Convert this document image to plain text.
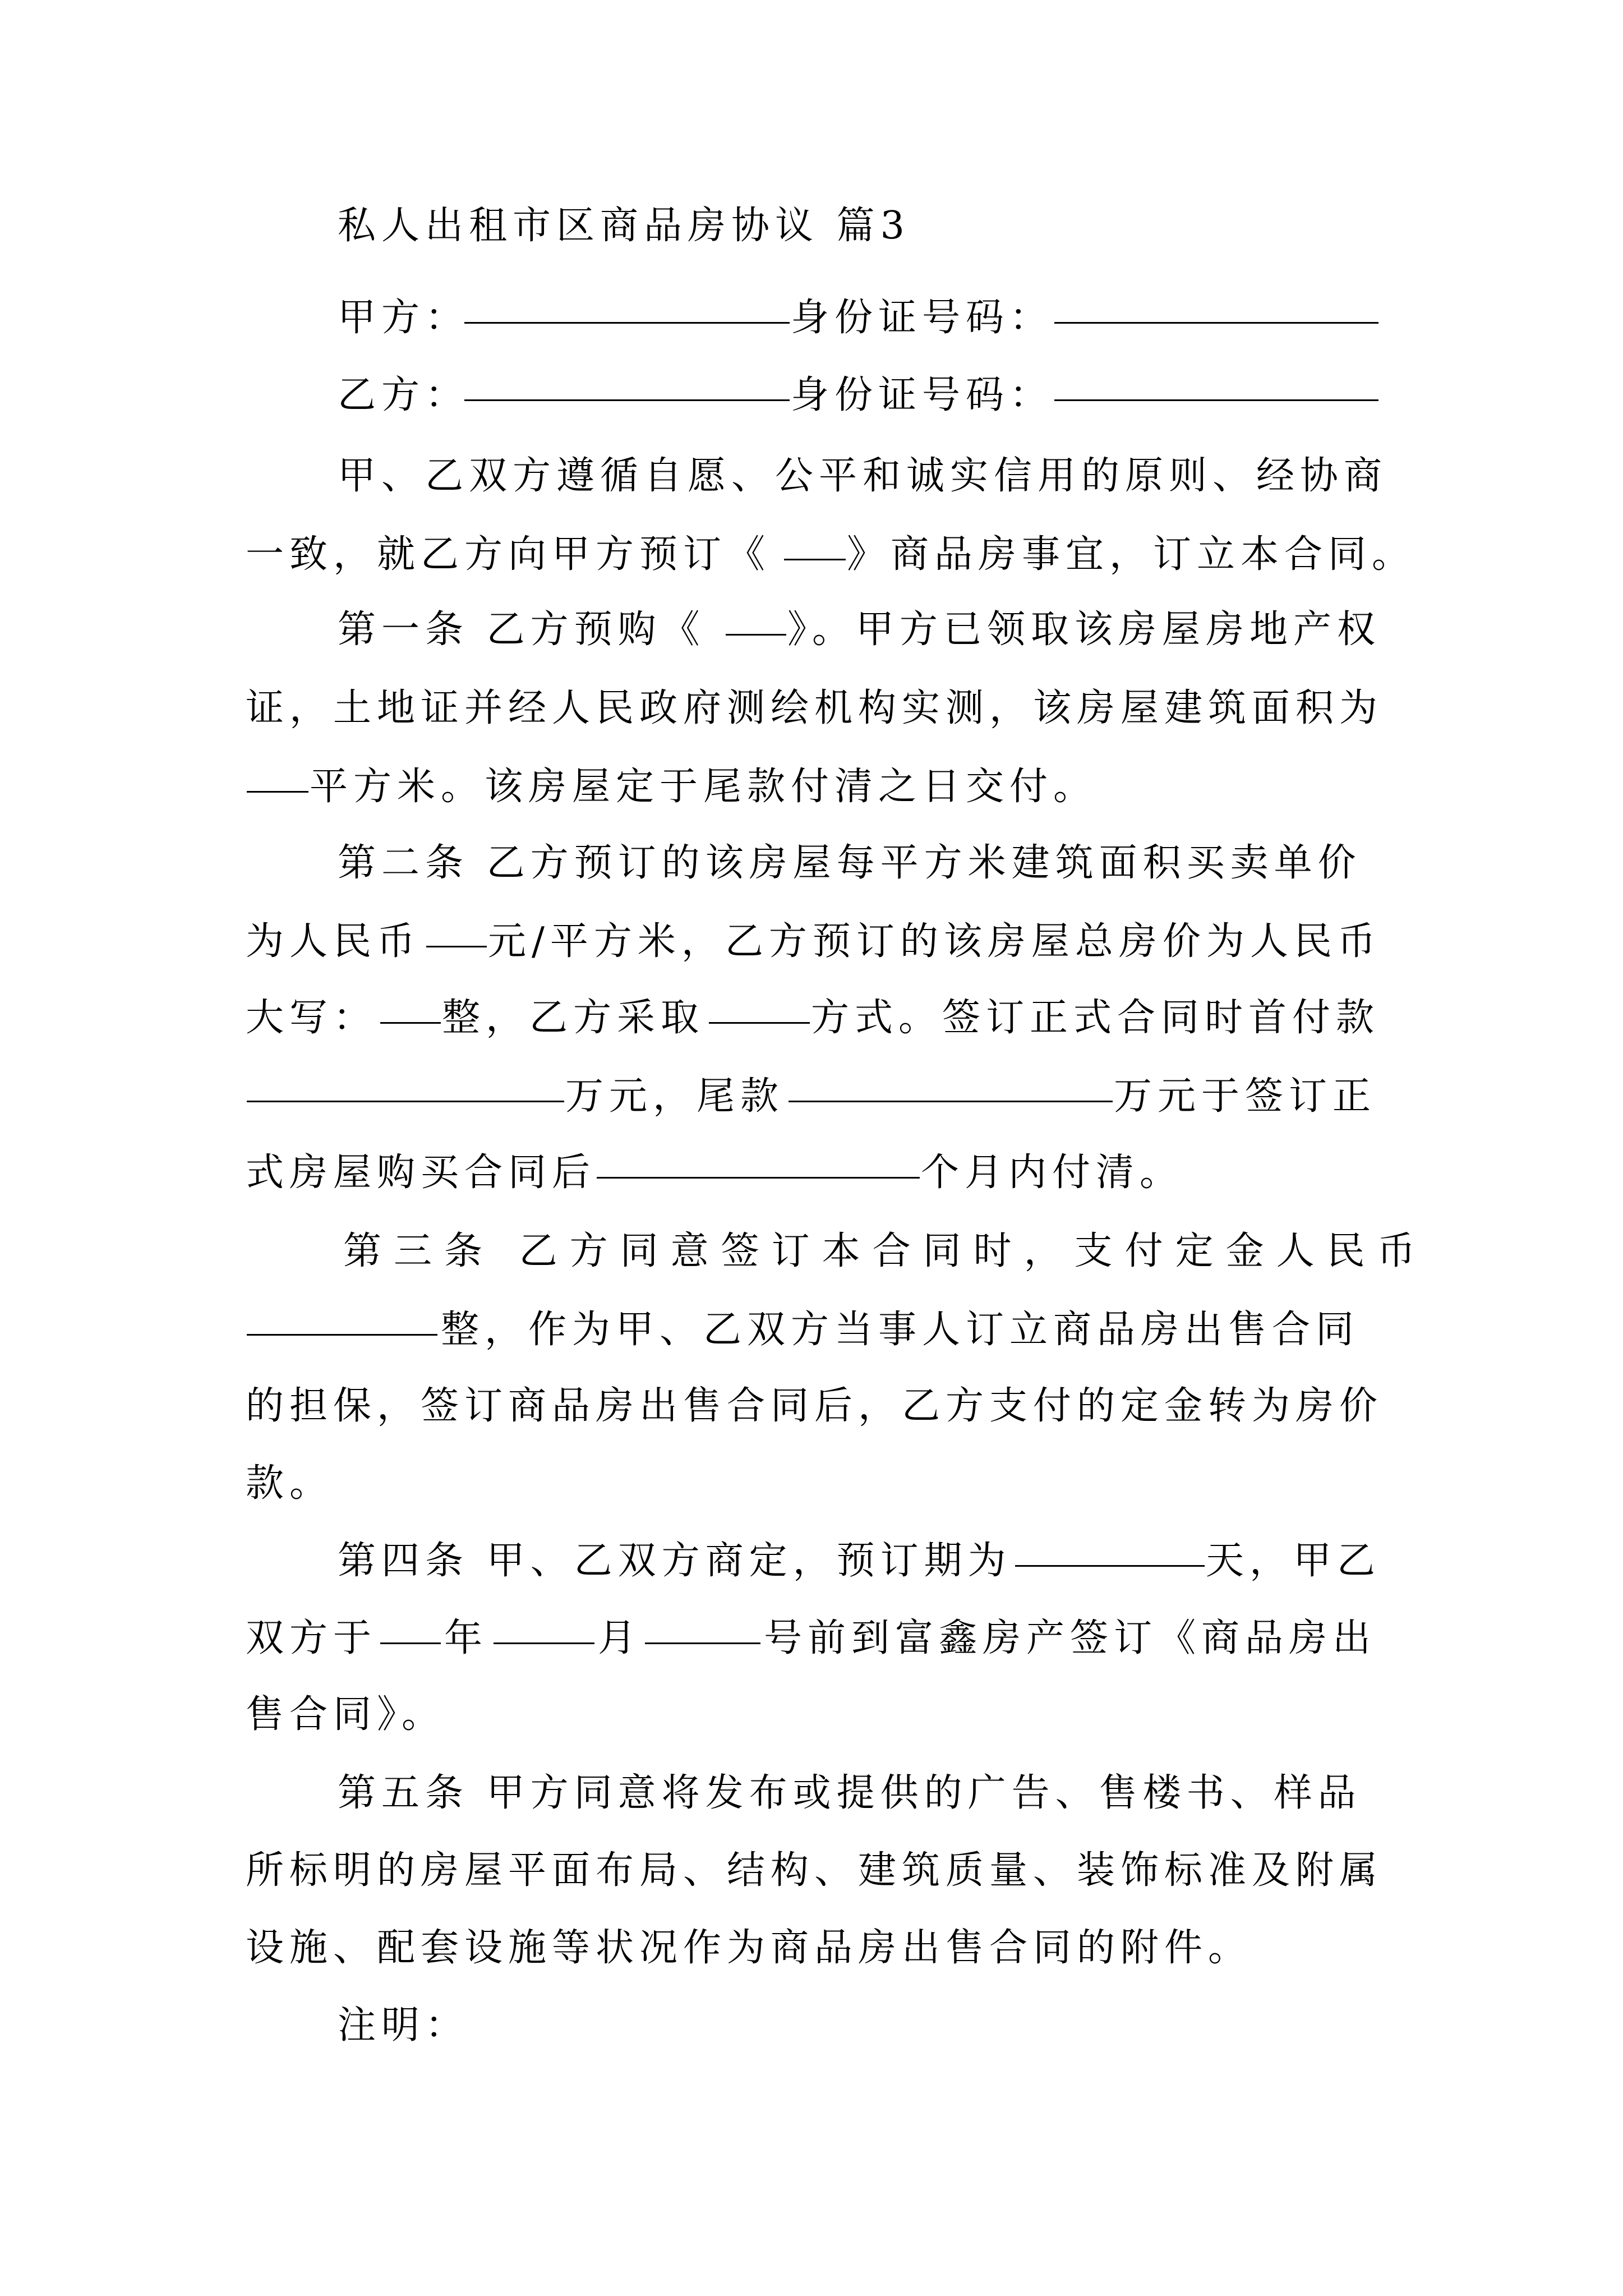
私人出租市区商品房协议 篇3
甲方：	身份证号码：
乙方：	身份证号码：
甲、乙双方遵循自愿、公平和诚实信用的原则、经协商
一致，就乙方向甲方预订《 》商品房事宜，订立本合同。
第一条 乙方预购《 》。甲方已领取该房屋房地产权
证，土地证并经人民政府测绘机构实测，该房屋建筑面积为
平方米。该房屋定于尾款付清之日交付。
第二条 乙方预订的该房屋每平方米建筑面积买卖单价
为人民币 元/平方米，乙方预订的该房屋总房价为人民币
大写： 整，乙方采取	方式。签订正式合同时首付款
万元，尾款	万元于签订正
式房屋购买合同后	个月内付清。
第三条 乙方同意签订本合同时，支付定金人民币
整，作为甲、乙双方当事人订立商品房出售合同
的担保，签订商品房出售合同后，乙方支付的定金转为房价
款。
第四条 甲、乙双方商定，预订期为	天，甲乙
双方于 年	月	号前到富鑫房产签订《商品房出
售合同》。
第五条 甲方同意将发布或提供的广告、售楼书、样品
所标明的房屋平面布局、结构、建筑质量、装饰标准及附属
设施、配套设施等状况作为商品房出售合同的附件。
注明：
